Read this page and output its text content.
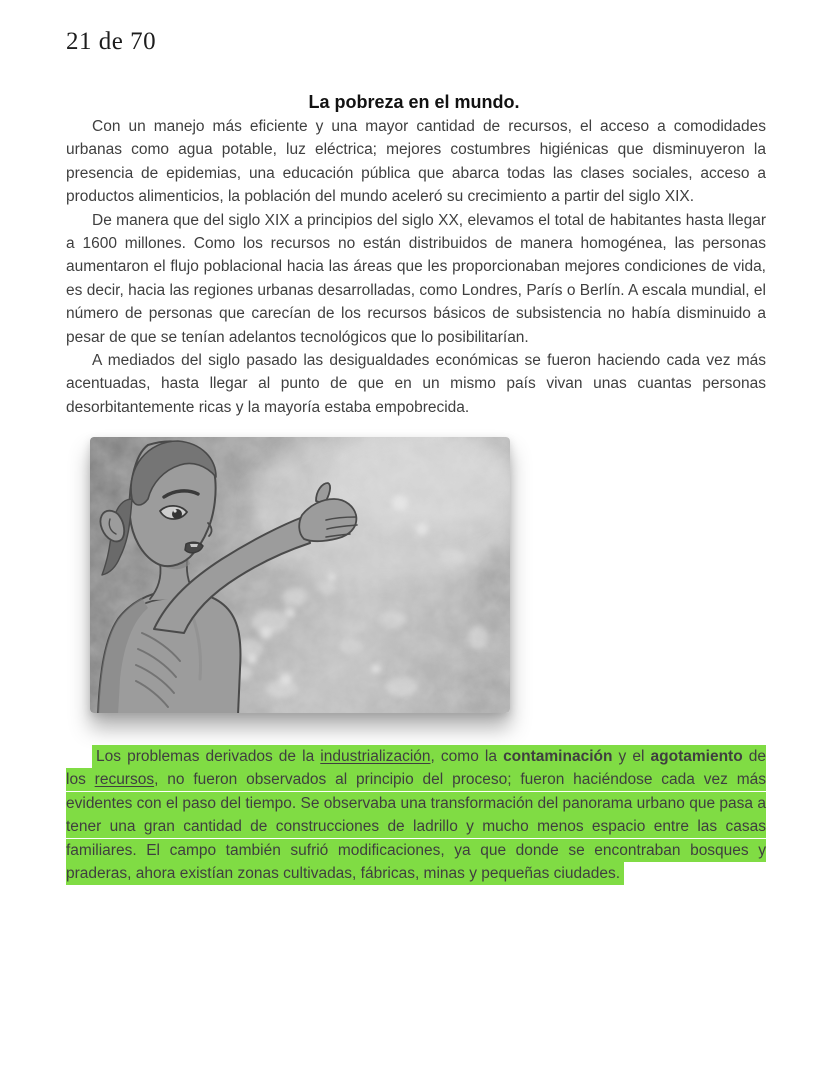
21 de 70
La pobreza en el mundo.

Con un manejo más eficiente y una mayor cantidad de recursos, el acceso a comodidades urbanas como agua potable, luz eléctrica; mejores costumbres higiénicas que disminuyeron la presencia de epidemias, una educación pública que abarca todas las clases sociales, acceso a productos alimenticios, la población del mundo aceleró su crecimiento a partir del siglo XIX.

De manera que del siglo XIX a principios del siglo XX, elevamos el total de habitantes hasta llegar a 1600 millones. Como los recursos no están distribuidos de manera homogénea, las personas aumentaron el flujo poblacional hacia las áreas que les proporcionaban mejores condiciones de vida, es decir, hacia las regiones urbanas desarrolladas, como Londres, París o Berlín. A escala mundial, el número de personas que carecían de los recursos básicos de subsistencia no había disminuido a pesar de que se tenían adelantos tecnológicos que lo posibilitarían.

A mediados del siglo pasado las desigualdades económicas se fueron haciendo cada vez más acentuadas, hasta llegar al punto de que en un mismo país vivan unas cuantas personas desorbitantemente ricas y la mayoría estaba empobrecida.

Los problemas derivados de la industrialización, como la contaminación y el agotamiento de los recursos, no fueron observados al principio del proceso; fueron haciéndose cada vez más evidentes con el paso del tiempo. Se observaba una transformación del panorama urbano que pasa a tener una gran cantidad de construcciones de ladrillo y mucho menos espacio entre las casas familiares. El campo también sufrió modificaciones, ya que donde se encontraban bosques y praderas, ahora existían zonas cultivadas, fábricas, minas y pequeñas ciudades.
